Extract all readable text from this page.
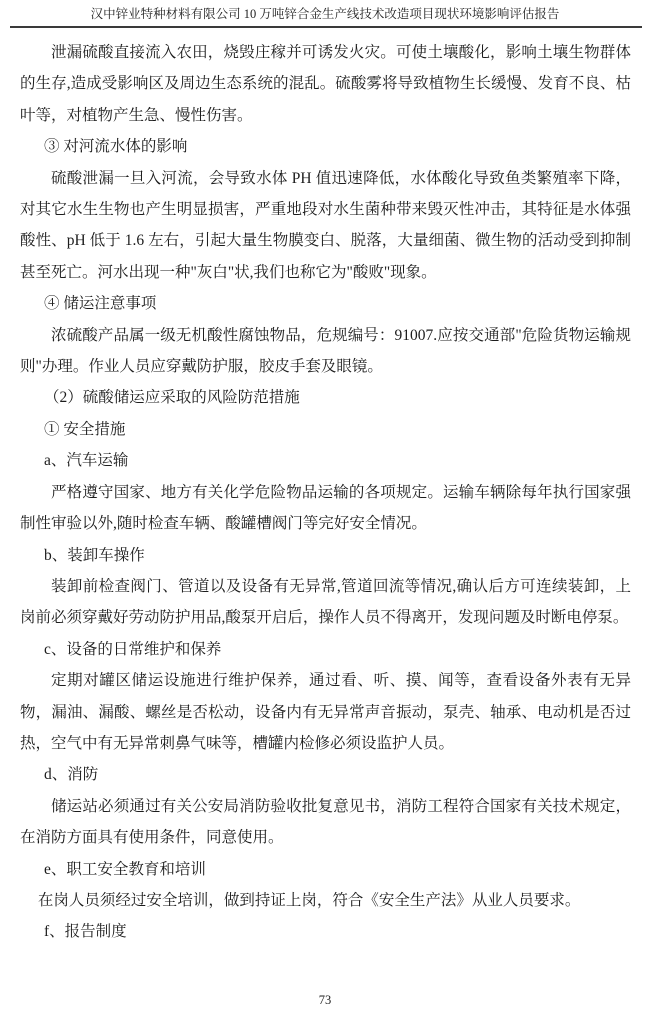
汉中锌业特种材料有限公司 10 万吨锌合金生产线技术改造项目现状环境影响评估报告

泄漏硫酸直接流入农田，烧毁庄稼并可诱发火灾。可使土壤酸化，影响土壤生物群体的生存,造成受影响区及周边生态系统的混乱。硫酸雾将导致植物生长缓慢、发育不良、枯叶等，对植物产生急、慢性伤害。

③ 对河流水体的影响

硫酸泄漏一旦入河流，会导致水体 PH 值迅速降低，水体酸化导致鱼类繁殖率下降，对其它水生生物也产生明显损害，严重地段对水生菌种带来毁灭性冲击，其特征是水体强酸性、pH 低于 1.6 左右，引起大量生物膜变白、脱落，大量细菌、微生物的活动受到抑制甚至死亡。河水出现一种"灰白"状,我们也称它为"酸败"现象。

④ 储运注意事项

浓硫酸产品属一级无机酸性腐蚀物品，危规编号：91007.应按交通部"危险货物运输规则"办理。作业人员应穿戴防护服，胶皮手套及眼镜。

（2）硫酸储运应采取的风险防范措施

① 安全措施

a、汽车运输

严格遵守国家、地方有关化学危险物品运输的各项规定。运输车辆除每年执行国家强制性审验以外,随时检查车辆、酸罐槽阀门等完好安全情况。

b、装卸车操作

装卸前检查阀门、管道以及设备有无异常,管道回流等情况,确认后方可连续装卸，上岗前必须穿戴好劳动防护用品,酸泵开启后，操作人员不得离开，发现问题及时断电停泵。

c、设备的日常维护和保养

定期对罐区储运设施进行维护保养，通过看、听、摸、闻等，查看设备外表有无异物，漏油、漏酸、螺丝是否松动，设备内有无异常声音振动，泵壳、轴承、电动机是否过热，空气中有无异常刺鼻气味等，槽罐内检修必须设监护人员。

d、消防

储运站必须通过有关公安局消防验收批复意见书，消防工程符合国家有关技术规定，在消防方面具有使用条件，同意使用。

e、职工安全教育和培训

在岗人员须经过安全培训，做到持证上岗，符合《安全生产法》从业人员要求。

f、报告制度

73
